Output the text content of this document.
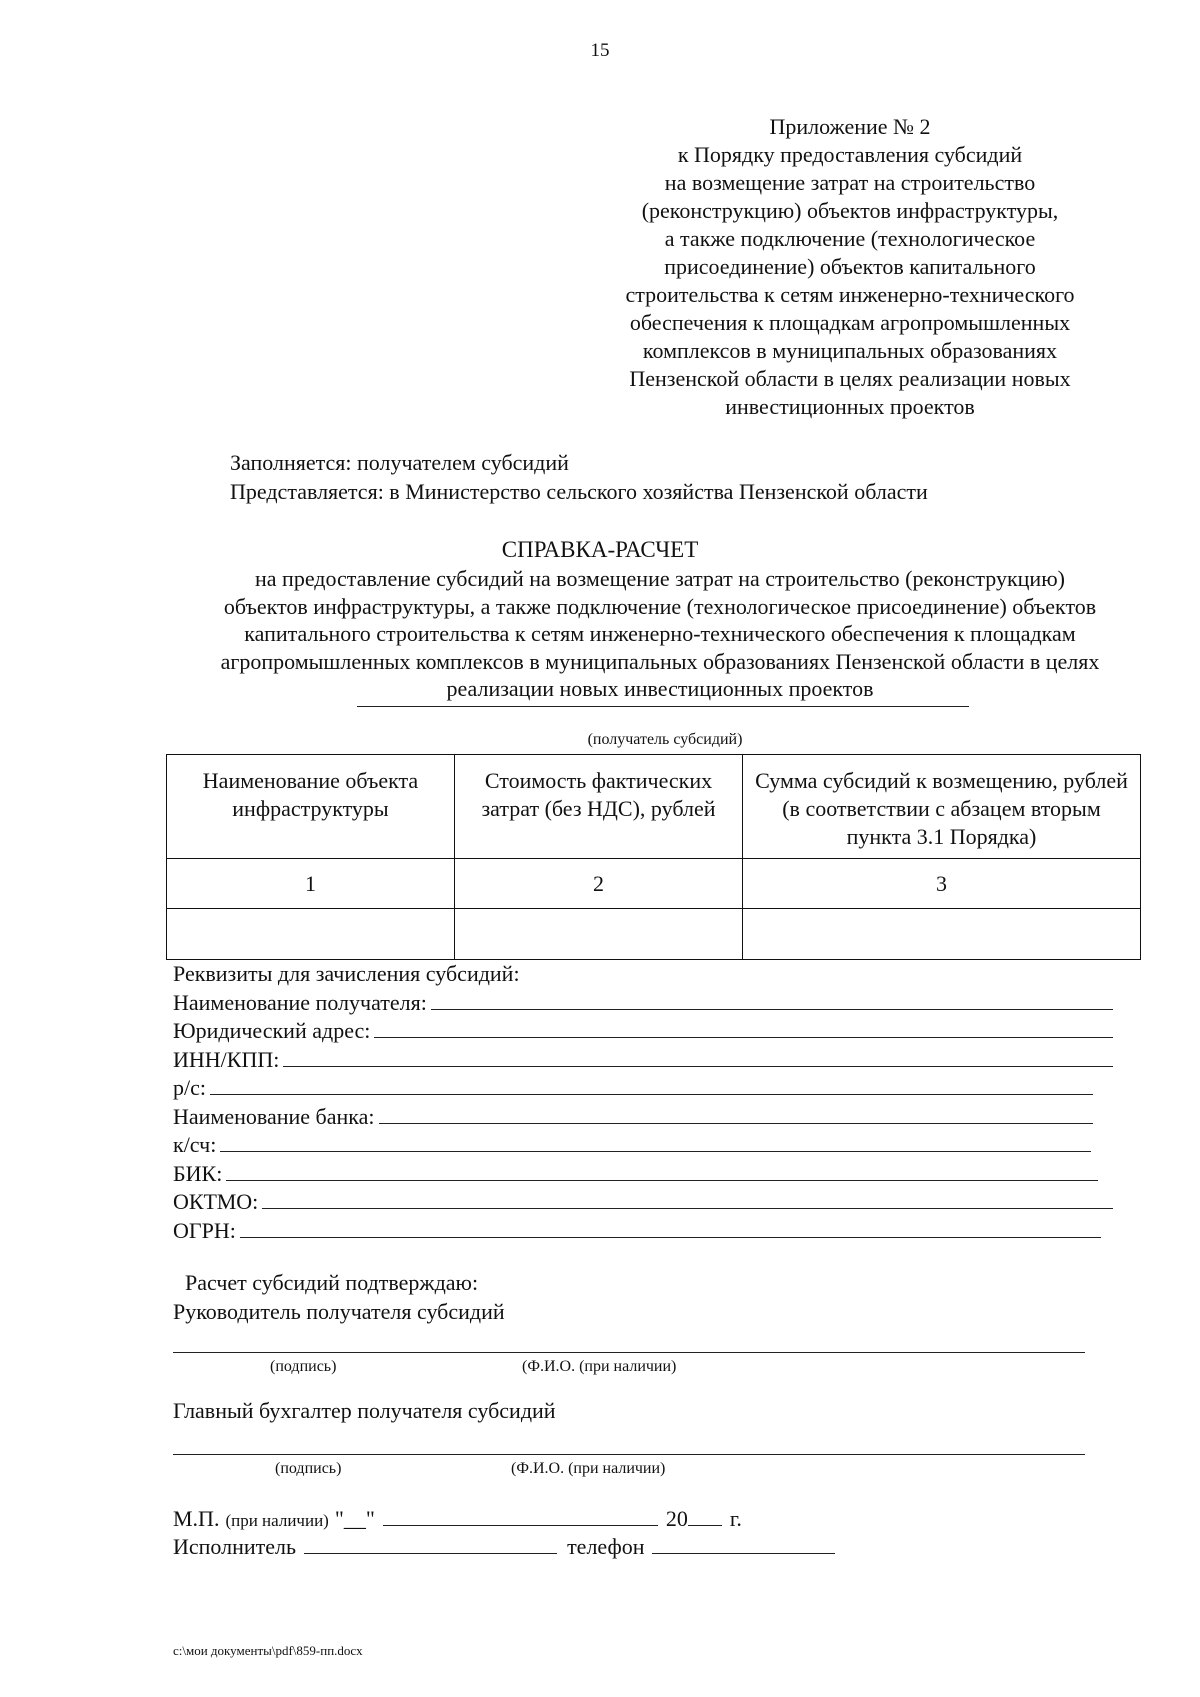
15
Приложение № 2
к Порядку предоставления субсидий
на возмещение затрат на строительство
(реконструкцию) объектов инфраструктуры,
а также подключение (технологическое
присоединение) объектов капитального
строительства к сетям инженерно-технического
обеспечения к площадкам агропромышленных
комплексов в муниципальных образованиях
Пензенской области в целях реализации новых
инвестиционных проектов
Заполняется: получателем субсидий
Представляется: в Министерство сельского хозяйства Пензенской области
СПРАВКА-РАСЧЕТ
на предоставление субсидий на возмещение затрат на строительство (реконструкцию)
объектов инфраструктуры, а также подключение (технологическое присоединение) объектов
капитального строительства к сетям инженерно-технического обеспечения к площадкам
агропромышленных комплексов в муниципальных образованиях Пензенской области в целях
реализации новых инвестиционных проектов
(получатель субсидий)
Наименование объекта инфраструктуры	Стоимость фактических затрат (без НДС), рублей	Сумма субсидий к возмещению, рублей (в соответствии с абзацем вторым пункта 3.1 Порядка)
1	2	3

Реквизиты для зачисления субсидий:
Наименование получателя:
Юридический адрес:
ИНН/КПП:
р/с:
Наименование банка:
к/сч:
БИК:
ОКТМО:
ОГРН:
Расчет субсидий подтверждаю:
Руководитель получателя субсидий
(подпись)	(Ф.И.О. (при наличии)
Главный бухгалтер получателя субсидий
(подпись)	(Ф.И.О. (при наличии)
М.П. (при наличии) "__"	20 г.
Исполнитель	телефон
c:\мои документы\pdf\859-пп.docx
